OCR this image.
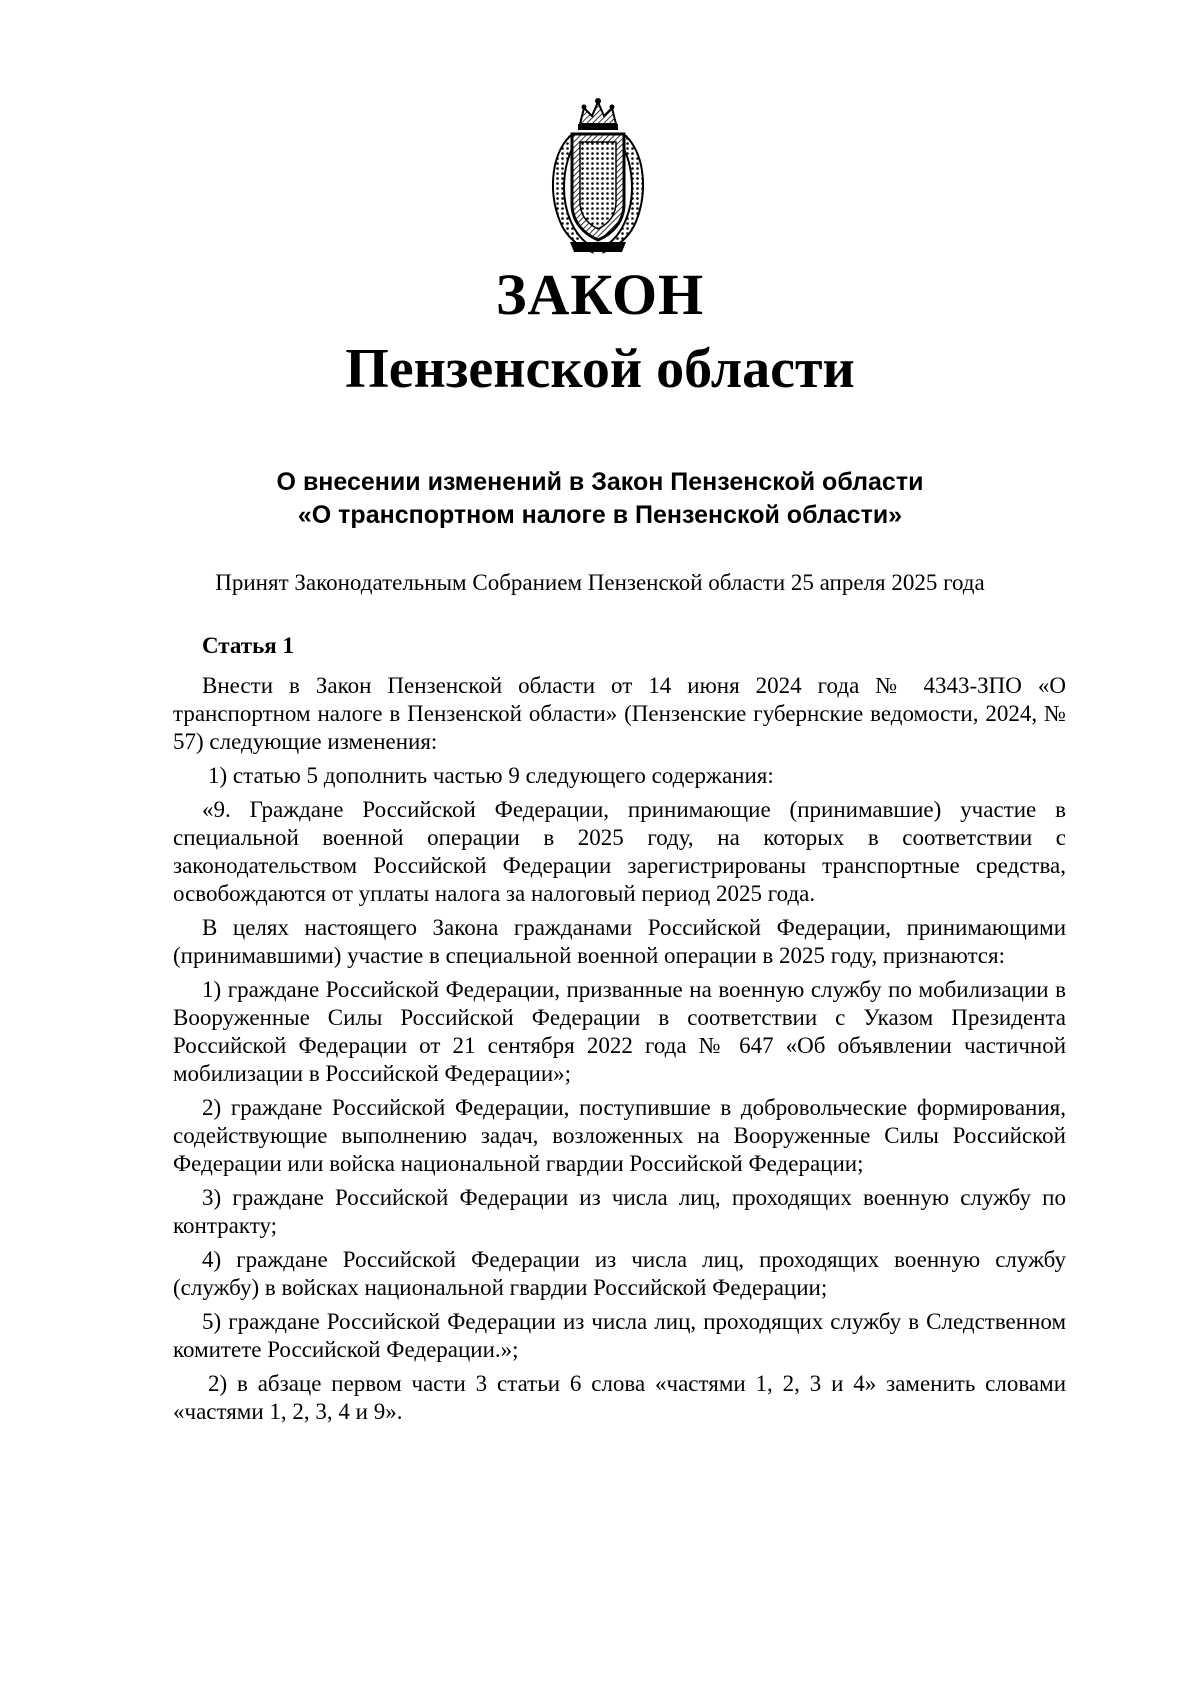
ЗАКОН
Пензенской области
О внесении изменений в Закон Пензенской области
«О транспортном налоге в Пензенской области»
Принят Законодательным Собранием Пензенской области 25 апреля 2025 года
Статья 1

Внести в Закон Пензенской области от 14 июня 2024 года № 4343-ЗПО «О транспортном налоге в Пензенской области» (Пензенские губернские ведомости, 2024, № 57) следующие изменения:

1) статью 5 дополнить частью 9 следующего содержания:

«9. Граждане Российской Федерации, принимающие (принимавшие) участие в специальной военной операции в 2025 году, на которых в соответствии с законодательством Российской Федерации зарегистрированы транспортные средства, освобождаются от уплаты налога за налоговый период 2025 года.

В целях настоящего Закона гражданами Российской Федерации, принимающими (принимавшими) участие в специальной военной операции в 2025 году, признаются:

1) граждане Российской Федерации, призванные на военную службу по мобилизации в Вооруженные Силы Российской Федерации в соответствии с Указом Президента Российской Федерации от 21 сентября 2022 года № 647 «Об объявлении частичной мобилизации в Российской Федерации»;

2) граждане Российской Федерации, поступившие в добровольческие формирования, содействующие выполнению задач, возложенных на Вооруженные Силы Российской Федерации или войска национальной гвардии Российской Федерации;

3) граждане Российской Федерации из числа лиц, проходящих военную службу по контракту;

4) граждане Российской Федерации из числа лиц, проходящих военную службу (службу) в войсках национальной гвардии Российской Федерации;

5) граждане Российской Федерации из числа лиц, проходящих службу в Следственном комитете Российской Федерации.»;

2) в абзаце первом части 3 статьи 6 слова «частями 1, 2, 3 и 4» заменить словами «частями 1, 2, 3, 4 и 9».
